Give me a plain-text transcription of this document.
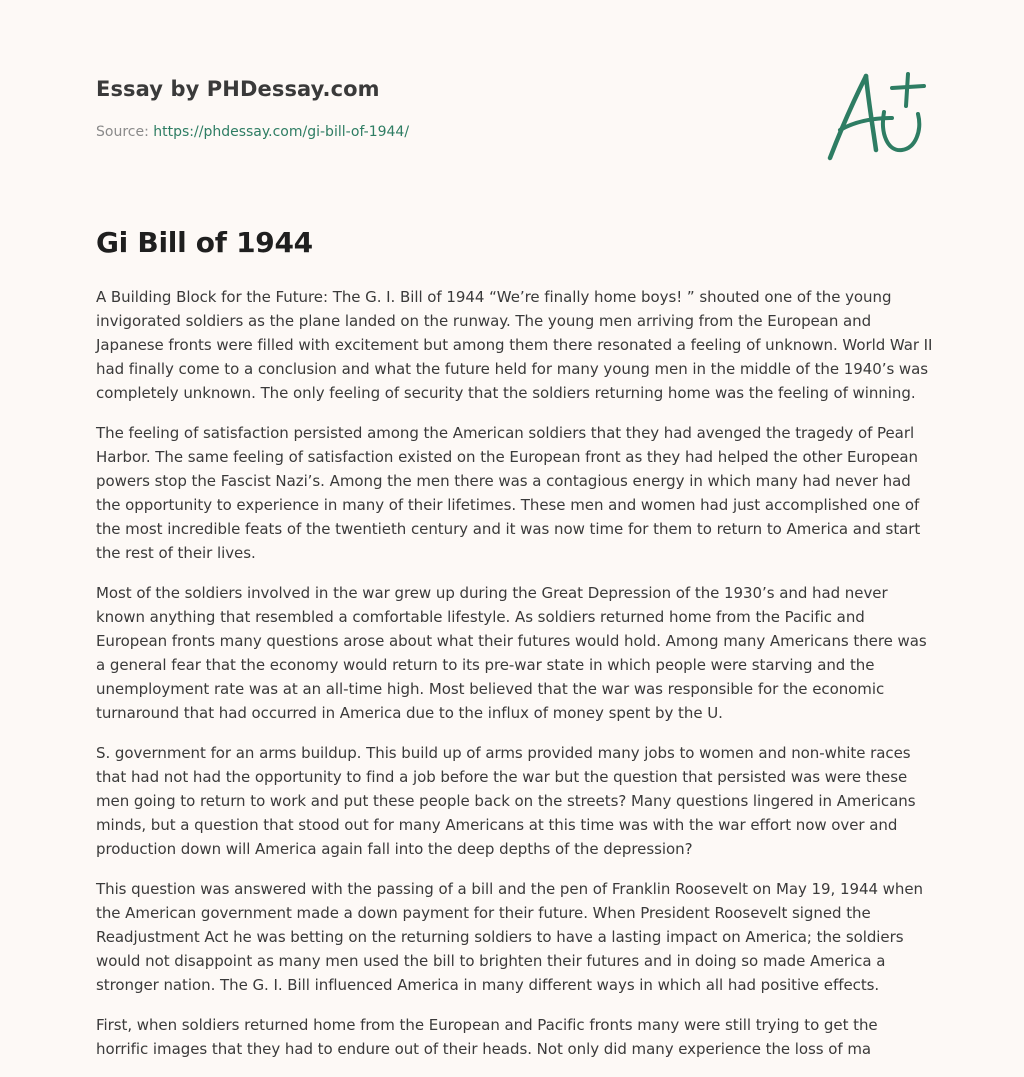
Essay by PHDessay.com
Source: https://phdessay.com/gi-bill-of-1944/
Gi Bill of 1944

A Building Block for the Future: The G. I. Bill of 1944 “We’re finally home boys! ” shouted one of the young invigorated soldiers as the plane landed on the runway. The young men arriving from the European and Japanese fronts were filled with excitement but among them there resonated a feeling of unknown. World War II had finally come to a conclusion and what the future held for many young men in the middle of the 1940’s was completely unknown. The only feeling of security that the soldiers returning home was the feeling of winning.

The feeling of satisfaction persisted among the American soldiers that they had avenged the tragedy of Pearl Harbor. The same feeling of satisfaction existed on the European front as they had helped the other European powers stop the Fascist Nazi’s. Among the men there was a contagious energy in which many had never had the opportunity to experience in many of their lifetimes. These men and women had just accomplished one of the most incredible feats of the twentieth century and it was now time for them to return to America and start the rest of their lives.

Most of the soldiers involved in the war grew up during the Great Depression of the 1930’s and had never known anything that resembled a comfortable lifestyle. As soldiers returned home from the Pacific and European fronts many questions arose about what their futures would hold. Among many Americans there was a general fear that the economy would return to its pre-war state in which people were starving and the unemployment rate was at an all-time high. Most believed that the war was responsible for the economic turnaround that had occurred in America due to the influx of money spent by the U.

S. government for an arms buildup. This build up of arms provided many jobs to women and non-white races that had not had the opportunity to find a job before the war but the question that persisted was were these men going to return to work and put these people back on the streets? Many questions lingered in Americans minds, but a question that stood out for many Americans at this time was with the war effort now over and production down will America again fall into the deep depths of the depression?

This question was answered with the passing of a bill and the pen of Franklin Roosevelt on May 19, 1944 when the American government made a down payment for their future. When President Roosevelt signed the Readjustment Act he was betting on the returning soldiers to have a lasting impact on America; the soldiers would not disappoint as many men used the bill to brighten their futures and in doing so made America a stronger nation. The G. I. Bill influenced America in many different ways in which all had positive effects.

First, when soldiers returned home from the European and Pacific fronts many were still trying to get the horrific images that they had to endure out of their heads. Not only did many experience the loss of ma
